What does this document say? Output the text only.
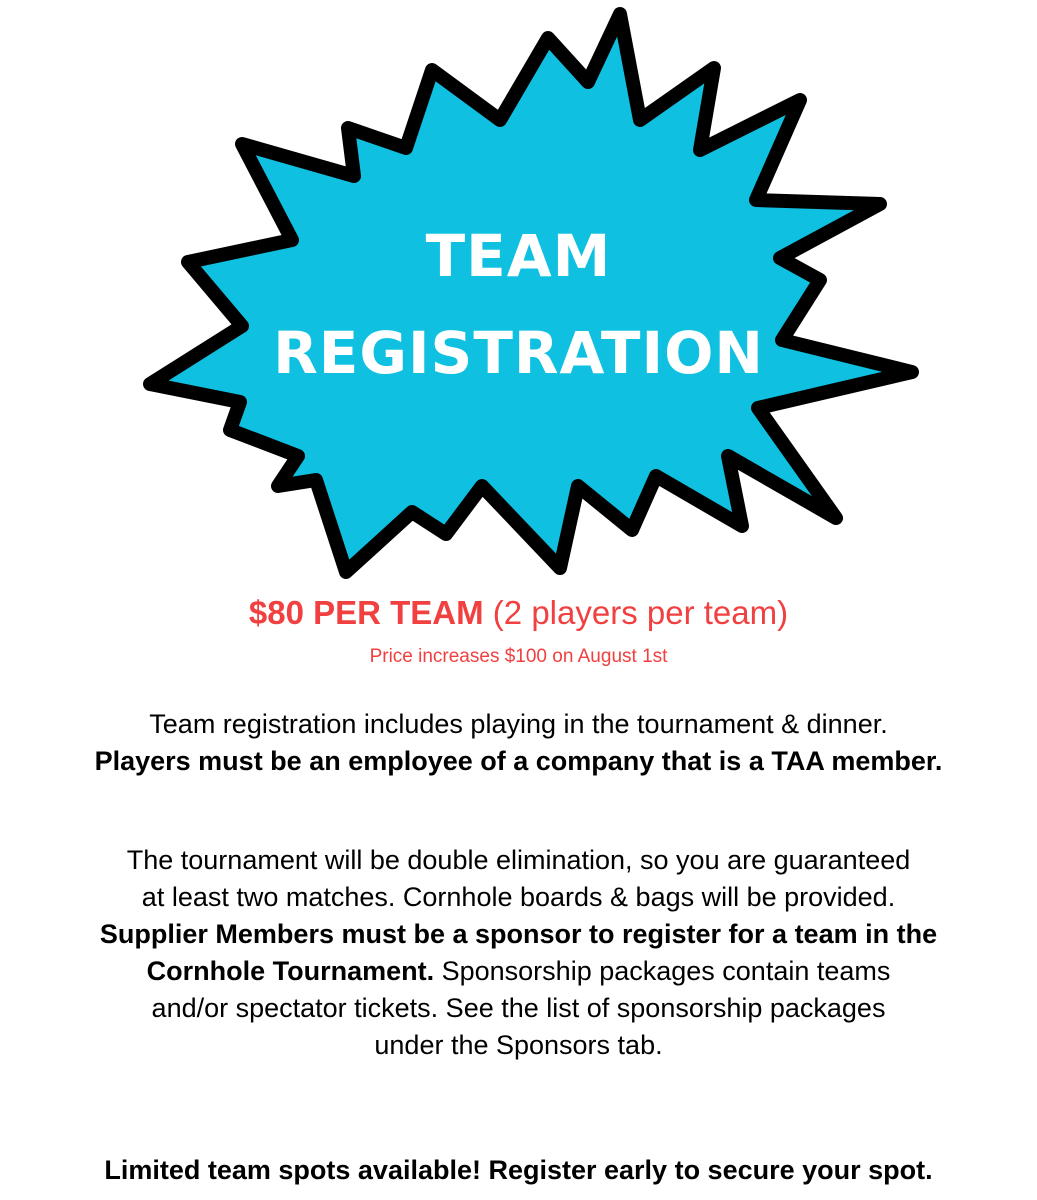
TEAM
REGISTRATION
$80 PER TEAM (2 players per team)
Price increases $100 on August 1st
Team registration includes playing in the tournament & dinner.
Players must be an employee of a company that is a TAA member.
The tournament will be double elimination, so you are guaranteed
at least two matches. Cornhole boards & bags will be provided.
Supplier Members must be a sponsor to register for a team in the
Cornhole Tournament. Sponsorship packages contain teams
and/or spectator tickets. See the list of sponsorship packages
under the Sponsors tab.
Limited team spots available! Register early to secure your spot.
